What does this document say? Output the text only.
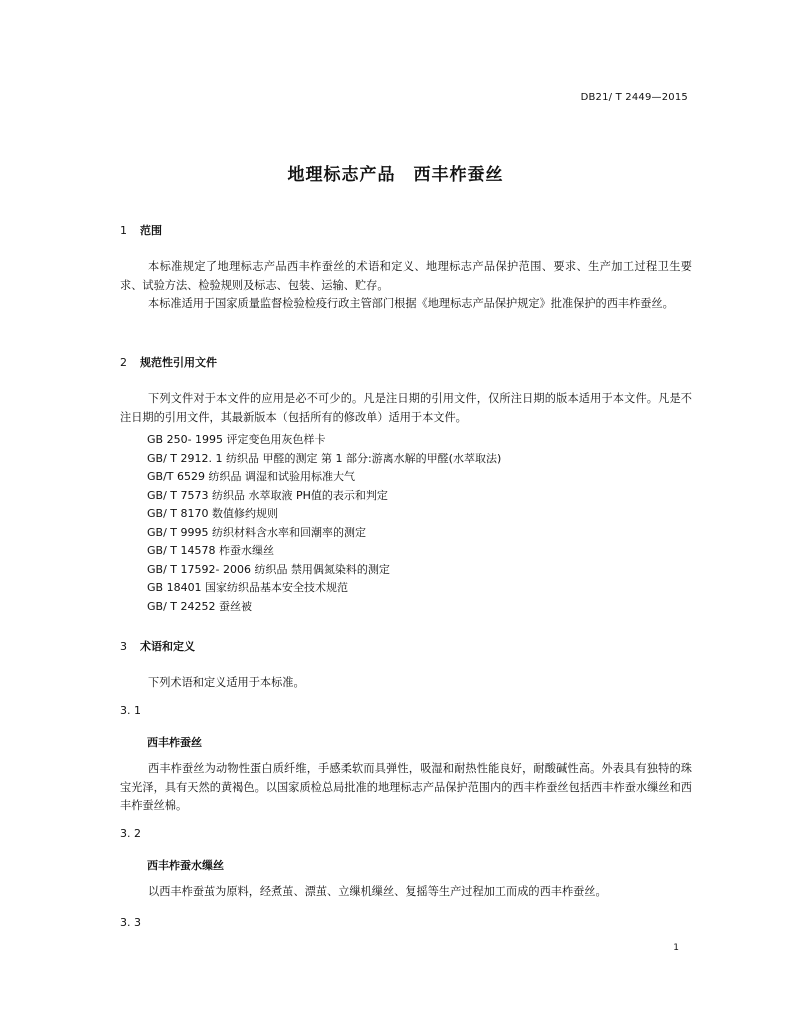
DB21/ T 2449—2015
地理标志产品　西丰柞蚕丝
1 范围
本标准规定了地理标志产品西丰柞蚕丝的术语和定义、地理标志产品保护范围、要求、生产加工过程卫生要求、试验方法、检验规则及标志、包装、运输、贮存。
本标准适用于国家质量监督检验检疫行政主管部门根据《地理标志产品保护规定》批准保护的西丰柞蚕丝。
2 规范性引用文件
下列文件对于本文件的应用是必不可少的。凡是注日期的引用文件，仅所注日期的版本适用于本文件。凡是不注日期的引用文件，其最新版本（包括所有的修改单）适用于本文件。
GB 250- 1995 评定变色用灰色样卡
GB/ T 2912. 1 纺织品 甲醛的测定 第 1 部分:游离水解的甲醛(水萃取法)
GB/T 6529 纺织品 调湿和试验用标准大气
GB/ T 7573 纺织品 水萃取液 PH值的表示和判定
GB/ T 8170 数值修约规则
GB/ T 9995 纺织材料含水率和回潮率的测定
GB/ T 14578 柞蚕水缫丝
GB/ T 17592- 2006 纺织品 禁用偶氮染料的测定
GB 18401 国家纺织品基本安全技术规范
GB/ T 24252 蚕丝被
3 术语和定义
下列术语和定义适用于本标准。
3. 1
西丰柞蚕丝
西丰柞蚕丝为动物性蛋白质纤维，手感柔软而具弹性，吸湿和耐热性能良好，耐酸碱性高。外表具有独特的珠宝光泽，具有天然的黄褐色。以国家质检总局批准的地理标志产品保护范围内的西丰柞蚕丝包括西丰柞蚕水缫丝和西丰柞蚕丝棉。
3. 2
西丰柞蚕水缫丝
以西丰柞蚕茧为原料，经煮茧、漂茧、立缫机缫丝、复摇等生产过程加工而成的西丰柞蚕丝。
3. 3
1
